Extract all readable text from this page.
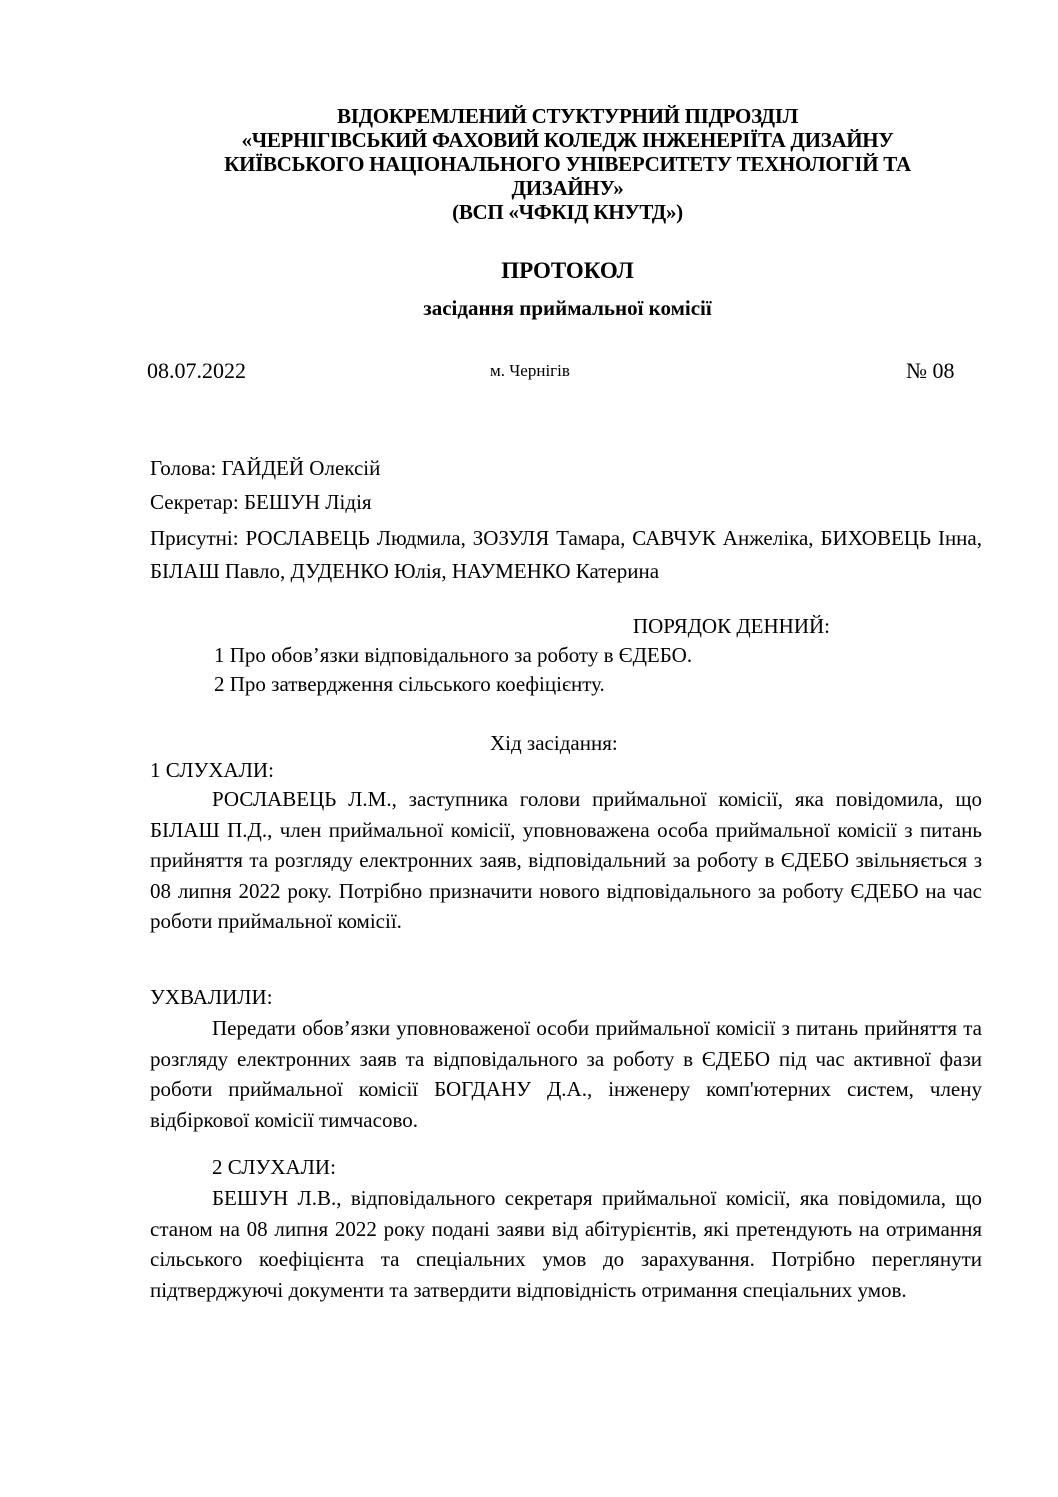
ВІДОКРЕМЛЕНИЙ СТУКТУРНИЙ ПІДРОЗДІЛ
«ЧЕРНІГІВСЬКИЙ ФАХОВИЙ КОЛЕДЖ ІНЖЕНЕРІЇТА ДИЗАЙНУ
КИЇВСЬКОГО НАЦІОНАЛЬНОГО УНІВЕРСИТЕТУ ТЕХНОЛОГІЙ ТА
ДИЗАЙНУ»
(ВСП «ЧФКІД КНУТД»)
ПРОТОКОЛ
засідання приймальної комісії
08.07.2022	м. Чернігів	№ 08
Голова: ГАЙДЕЙ Олексій
Секретар: БЕШУН Лідія
Присутні: РОСЛАВЕЦЬ Людмила, ЗОЗУЛЯ Тамара, САВЧУК Анжеліка, БИХОВЕЦЬ Інна, БІЛАШ Павло, ДУДЕНКО Юлія, НАУМЕНКО Катерина
ПОРЯДОК ДЕННИЙ:
1 Про обов’язки відповідального за роботу в ЄДЕБО.
2 Про затвердження сільського коефіцієнту.
Хід засідання:
1 СЛУХАЛИ:
РОСЛАВЕЦЬ Л.М., заступника голови приймальної комісії, яка повідомила, що БІЛАШ П.Д., член приймальної комісії, уповноважена особа приймальної комісії з питань прийняття та розгляду електронних заяв, відповідальний за роботу в ЄДЕБО звільняється з 08 липня 2022 року. Потрібно призначити нового відповідального за роботу ЄДЕБО на час роботи приймальної комісії.
УХВАЛИЛИ:
Передати обов’язки уповноваженої особи приймальної комісії з питань прийняття та розгляду електронних заяв та відповідального за роботу в ЄДЕБО під час активної фази роботи приймальної комісії БОГДАНУ Д.А., інженеру комп'ютерних систем, члену відбіркової комісії тимчасово.
2 СЛУХАЛИ:
БЕШУН Л.В., відповідального секретаря приймальної комісії, яка повідомила, що станом на 08 липня 2022 року подані заяви від абітурієнтів, які претендують на отримання сільського коефіцієнта та спеціальних умов до зарахування. Потрібно переглянути підтверджуючі документи та затвердити відповідність отримання спеціальних умов.
